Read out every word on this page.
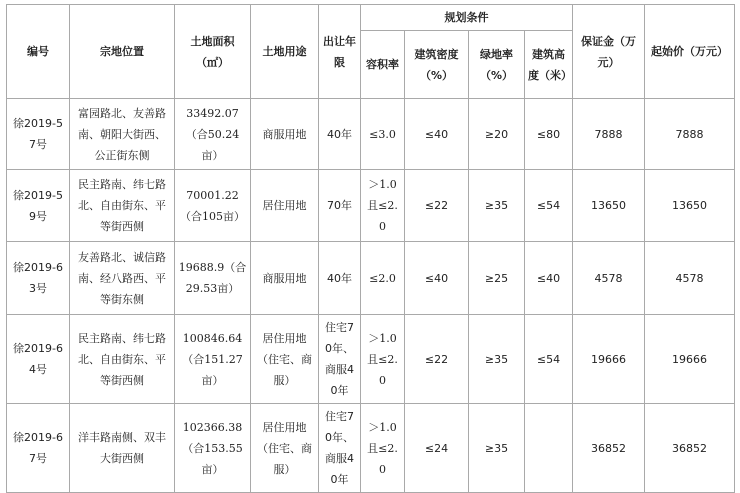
编号	宗地位置	土地面积（㎡）	土地用途	出让年限	规划条件				保证金（万元）	起始价（万元）
					容积率	建筑密度（%）	绿地率（%）	建筑高度（米）		
徐2019-57号	富园路北、友善路南、朝阳大街西、公正街东侧	33492.07（合50.24亩）	商服用地	40年	≤3.0	≤40	≥20	≤80	7888	7888
徐2019-59号	民主路南、纬七路北、自由街东、平等街西侧	70001.22（合105亩）	居住用地	70年	＞1.0且≤2.0	≤22	≥35	≤54	13650	13650
徐2019-63号	友善路北、诚信路南、经八路西、平等街东侧	19688.9（合29.53亩）	商服用地	40年	≤2.0	≤40	≥25	≤40	4578	4578
徐2019-64号	民主路南、纬七路北、自由街东、平等街西侧	100846.64（合151.27亩）	居住用地（住宅、商服）	住宅70年、商服40年	＞1.0且≤2.0	≤22	≥35	≤54	19666	19666
徐2019-67号	洋丰路南侧、双丰大街西侧	102366.38（合153.55亩）	居住用地（住宅、商服）	住宅70年、商服40年	＞1.0且≤2.0	≤24	≥35		36852	36852
